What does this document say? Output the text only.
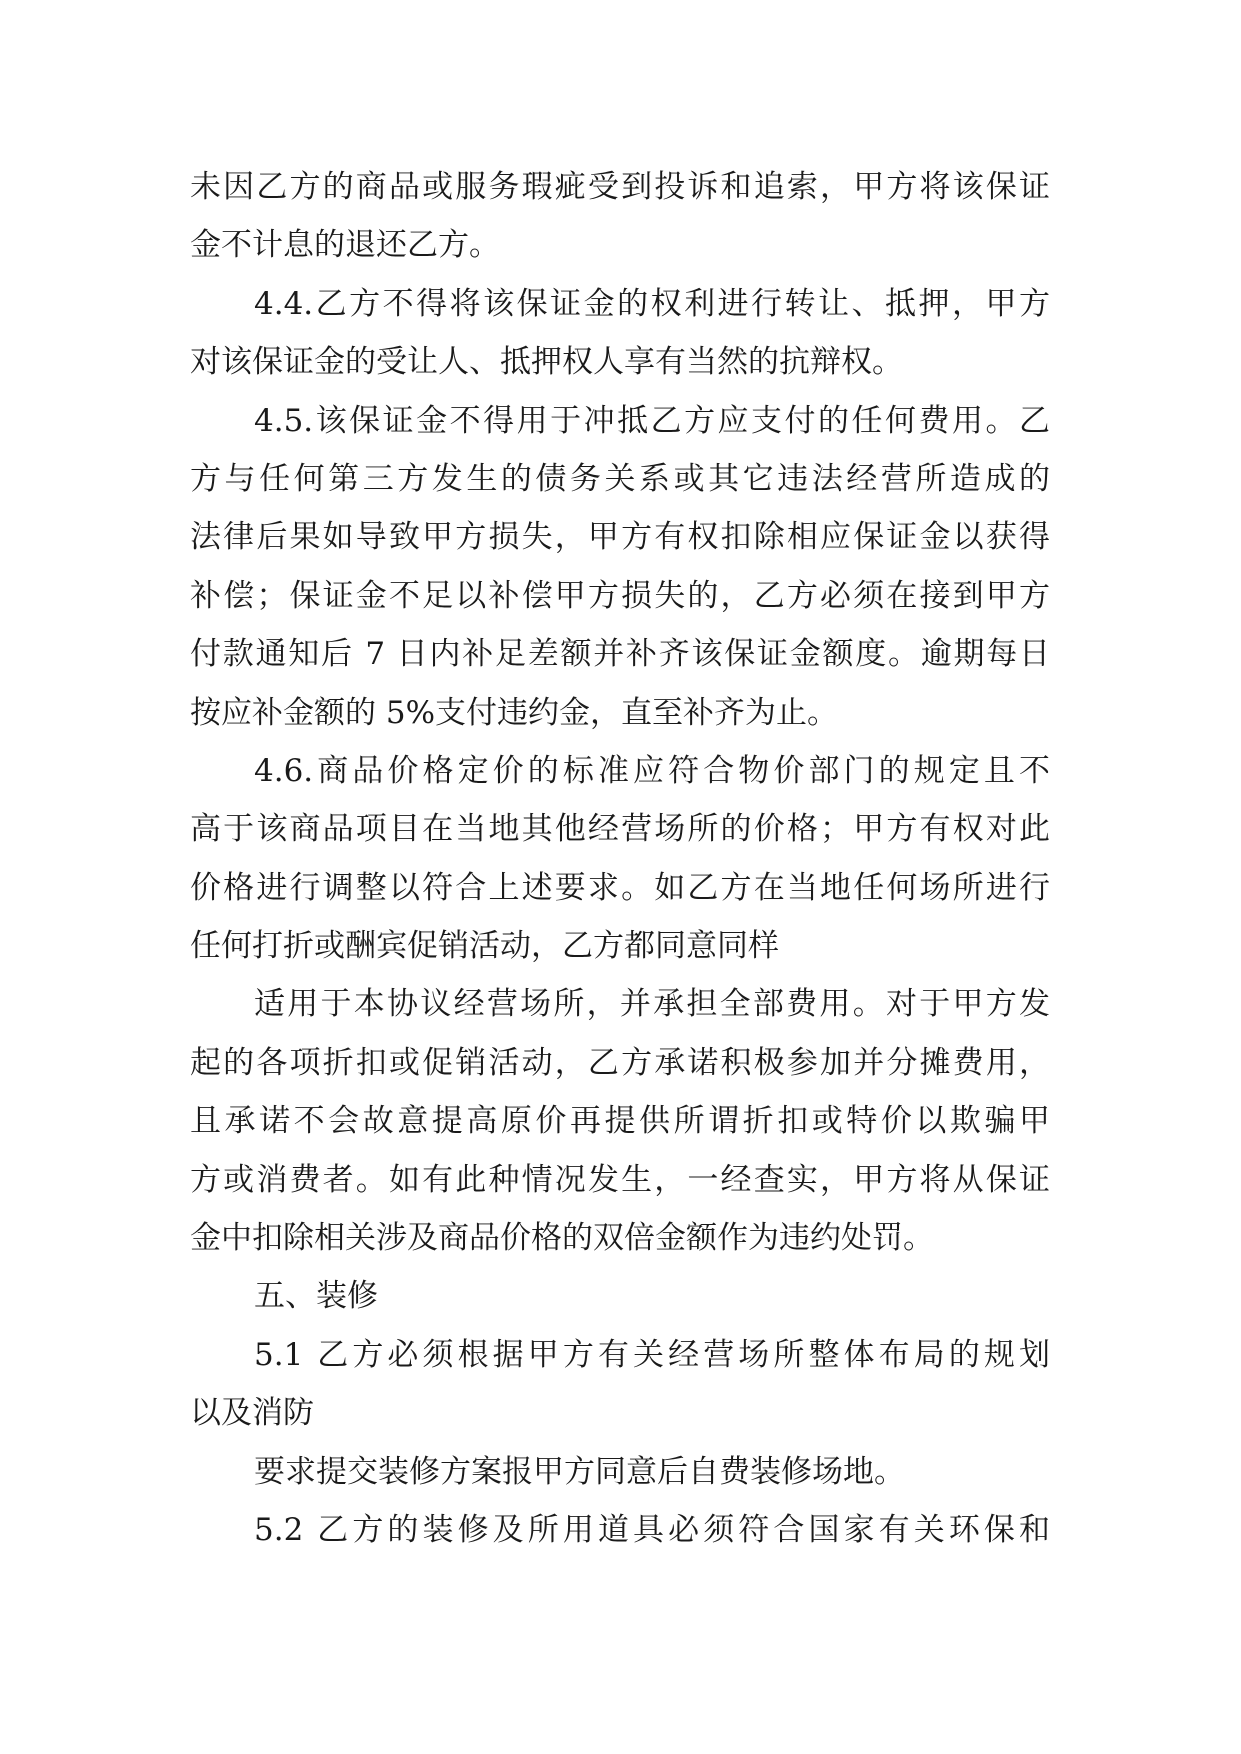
未因乙方的商品或服务瑕疵受到投诉和追索，甲方将该保证
金不计息的退还乙方。
4.4.乙方不得将该保证金的权利进行转让、抵押，甲方
对该保证金的受让人、抵押权人享有当然的抗辩权。
4.5.该保证金不得用于冲抵乙方应支付的任何费用。乙
方与任何第三方发生的债务关系或其它违法经营所造成的
法律后果如导致甲方损失，甲方有权扣除相应保证金以获得
补偿；保证金不足以补偿甲方损失的，乙方必须在接到甲方
付款通知后 7 日内补足差额并补齐该保证金额度。逾期每日
按应补金额的 5%支付违约金，直至补齐为止。
4.6.商品价格定价的标准应符合物价部门的规定且不
高于该商品项目在当地其他经营场所的价格；甲方有权对此
价格进行调整以符合上述要求。如乙方在当地任何场所进行
任何打折或酬宾促销活动，乙方都同意同样
适用于本协议经营场所，并承担全部费用。对于甲方发
起的各项折扣或促销活动，乙方承诺积极参加并分摊费用，
且承诺不会故意提高原价再提供所谓折扣或特价以欺骗甲
方或消费者。如有此种情况发生，一经查实，甲方将从保证
金中扣除相关涉及商品价格的双倍金额作为违约处罚。
五、装修
5.1 乙方必须根据甲方有关经营场所整体布局的规划
以及消防
要求提交装修方案报甲方同意后自费装修场地。
5.2 乙方的装修及所用道具必须符合国家有关环保和
